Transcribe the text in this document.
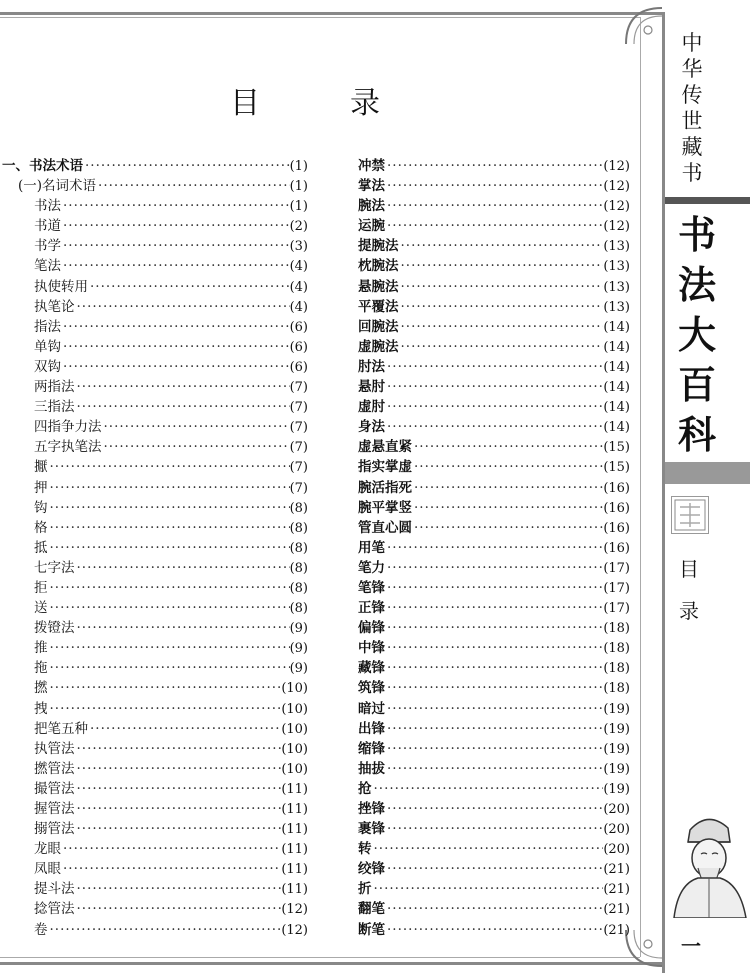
目　录
一、书法术语 ·····	(1)
(一)名词术语 ·····	(1)
书法 ·····	(1)
书道 ·····	(2)
书学 ·····	(3)
笔法 ·····	(4)
执使转用 ·····	(4)
执笔论 ·····	(4)
指法 ·····	(6)
单钩 ·····	(6)
双钩 ·····	(6)
两指法 ·····	(7)
三指法 ·····	(7)
四指争力法 ·····	(7)
五字执笔法 ·····	(7)
擫 ·····	(7)
押 ·····	(7)
钩 ·····	(8)
格 ·····	(8)
抵 ·····	(8)
七字法 ·····	(8)
拒 ·····	(8)
送 ·····	(8)
拨镫法 ·····	(9)
推 ·····	(9)
拖 ·····	(9)
撚 ·····	(10)
拽 ·····	(10)
把笔五种 ·····	(10)
执管法 ·····	(10)
撚管法 ·····	(10)
撮管法 ·····	(11)
握管法 ·····	(11)
搦管法 ·····	(11)
龙眼 ·····	(11)
凤眼 ·····	(11)
提斗法 ·····	(11)
捻管法 ·····	(12)
卷 ·····	(12)
冲禁 ·····	(12)
掌法 ·····	(12)
腕法 ·····	(12)
运腕 ·····	(12)
提腕法 ·····	(13)
枕腕法 ·····	(13)
悬腕法 ·····	(13)
平覆法 ·····	(13)
回腕法 ·····	(14)
虚腕法 ·····	(14)
肘法 ·····	(14)
悬肘 ·····	(14)
虚肘 ·····	(14)
身法 ·····	(14)
虚悬直紧 ·····	(15)
指实掌虚 ·····	(15)
腕活指死 ·····	(16)
腕平掌竖 ·····	(16)
管直心圆 ·····	(16)
用笔 ·····	(16)
笔力 ·····	(17)
笔锋 ·····	(17)
正锋 ·····	(17)
偏锋 ·····	(18)
中锋 ·····	(18)
藏锋 ·····	(18)
筑锋 ·····	(18)
暗过 ·····	(19)
出锋 ·····	(19)
缩锋 ·····	(19)
抽拔 ·····	(19)
抢 ·····	(19)
挫锋 ·····	(20)
裹锋 ·····	(20)
转 ·····	(20)
绞锋 ·····	(21)
折 ·····	(21)
翻笔 ·····	(21)
断笔 ·····	(21)
中
华
传
世
藏
书
书
法
大
百
科
目
录
一
